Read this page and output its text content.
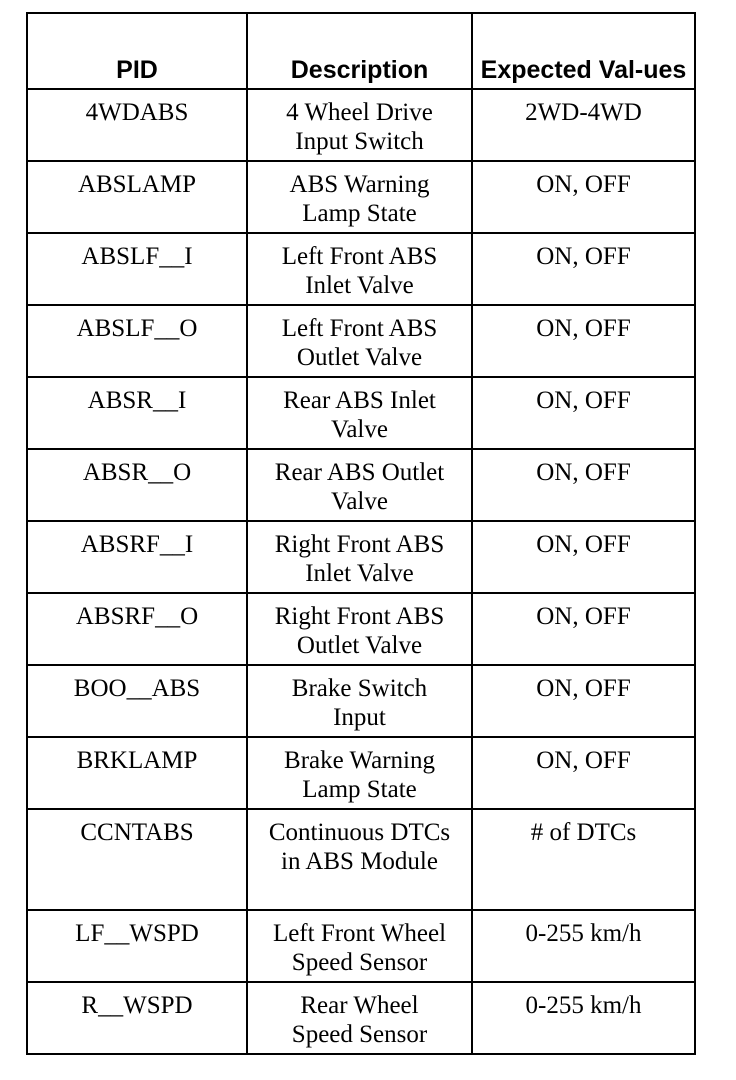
PID	Description	Expected Val-ues
4WDABS	4 Wheel Drive Input Switch	2WD-4WD
ABSLAMP	ABS Warning Lamp State	ON, OFF
ABSLF__I	Left Front ABS Inlet Valve	ON, OFF
ABSLF__O	Left Front ABS Outlet Valve	ON, OFF
ABSR__I	Rear ABS Inlet Valve	ON, OFF
ABSR__O	Rear ABS Outlet Valve	ON, OFF
ABSRF__I	Right Front ABS Inlet Valve	ON, OFF
ABSRF__O	Right Front ABS Outlet Valve	ON, OFF
BOO__ABS	Brake Switch Input	ON, OFF
BRKLAMP	Brake Warning Lamp State	ON, OFF
CCNTABS	Continuous DTCs in ABS Module	# of DTCs
LF__WSPD	Left Front Wheel Speed Sensor	0-255 km/h
R__WSPD	Rear Wheel Speed Sensor	0-255 km/h
